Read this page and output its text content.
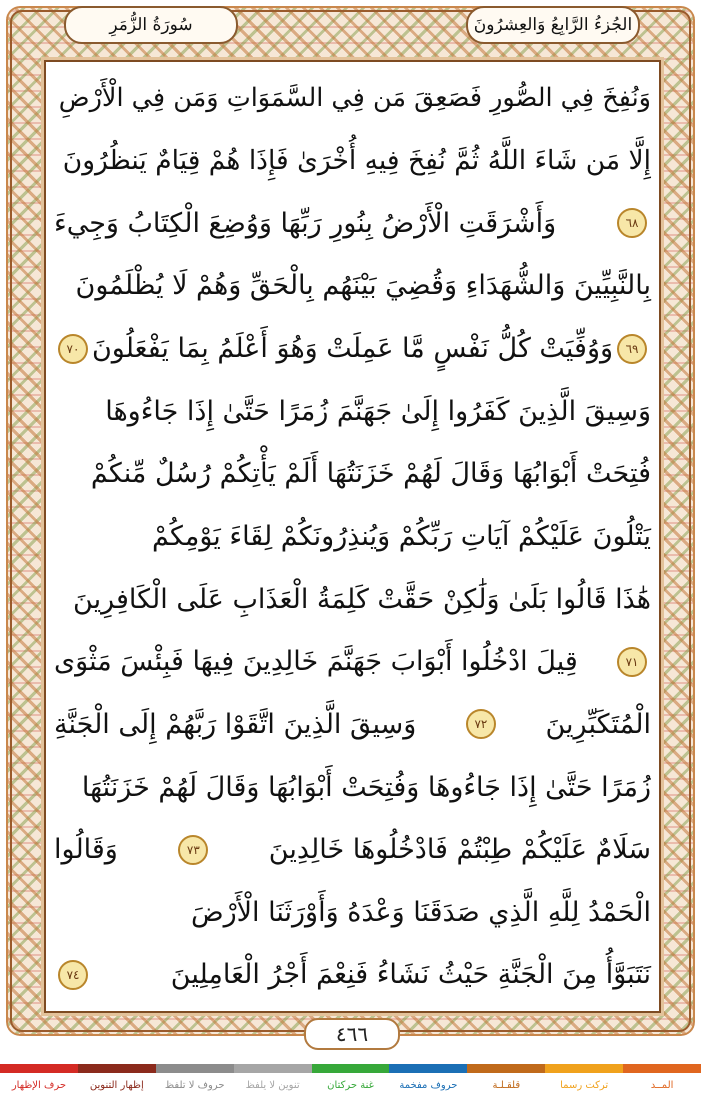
سُورَةُ الزُّمَرِ	الجُزءُ الرَّابِعُ وَالعِشرُونَ
وَنُفِخَ فِي الصُّورِ فَصَعِقَ مَن فِي السَّمَوَاتِ وَمَن فِي الْأَرْضِ
إِلَّا مَن شَاءَ اللَّهُ ثُمَّ نُفِخَ فِيهِ أُخْرَىٰ فَإِذَا هُمْ قِيَامٌ يَنظُرُونَ
٦٨
وَأَشْرَقَتِ الْأَرْضُ بِنُورِ رَبِّهَا وَوُضِعَ الْكِتَابُ وَجِيءَ
بِالنَّبِيِّينَ وَالشُّهَدَاءِ وَقُضِيَ بَيْنَهُم بِالْحَقِّ وَهُمْ لَا يُظْلَمُونَ
٦٩
وَوُفِّيَتْ كُلُّ نَفْسٍ مَّا عَمِلَتْ وَهُوَ أَعْلَمُ بِمَا يَفْعَلُونَ
٧٠
وَسِيقَ الَّذِينَ كَفَرُوا إِلَىٰ جَهَنَّمَ زُمَرًا حَتَّىٰ إِذَا جَاءُوهَا
فُتِحَتْ أَبْوَابُهَا وَقَالَ لَهُمْ خَزَنَتُهَا أَلَمْ يَأْتِكُمْ رُسُلٌ مِّنكُمْ
يَتْلُونَ عَلَيْكُمْ آيَاتِ رَبِّكُمْ وَيُنذِرُونَكُمْ لِقَاءَ يَوْمِكُمْ
هَٰذَا قَالُوا بَلَىٰ وَلَٰكِنْ حَقَّتْ كَلِمَةُ الْعَذَابِ عَلَى الْكَافِرِينَ
٧١
قِيلَ ادْخُلُوا أَبْوَابَ جَهَنَّمَ خَالِدِينَ فِيهَا فَبِئْسَ مَثْوَى
الْمُتَكَبِّرِينَ
٧٢
وَسِيقَ الَّذِينَ اتَّقَوْا رَبَّهُمْ إِلَى الْجَنَّةِ
زُمَرًا حَتَّىٰ إِذَا جَاءُوهَا وَفُتِحَتْ أَبْوَابُهَا وَقَالَ لَهُمْ خَزَنَتُهَا
سَلَامٌ عَلَيْكُمْ طِبْتُمْ فَادْخُلُوهَا خَالِدِينَ
٧٣
وَقَالُوا
الْحَمْدُ لِلَّهِ الَّذِي صَدَقَنَا وَعْدَهُ وَأَوْرَثَنَا الْأَرْضَ
نَتَبَوَّأُ مِنَ الْجَنَّةِ حَيْثُ نَشَاءُ فَنِعْمَ أَجْرُ الْعَامِلِينَ
٧٤
٤٦٦
المــد
تركت رسما
قلقـلـة
حروف مفخمة
غنة حركتان
تنوين لا يلفظ
حروف لا تلفظ
إظهار التنوين
حرف الإظهار
